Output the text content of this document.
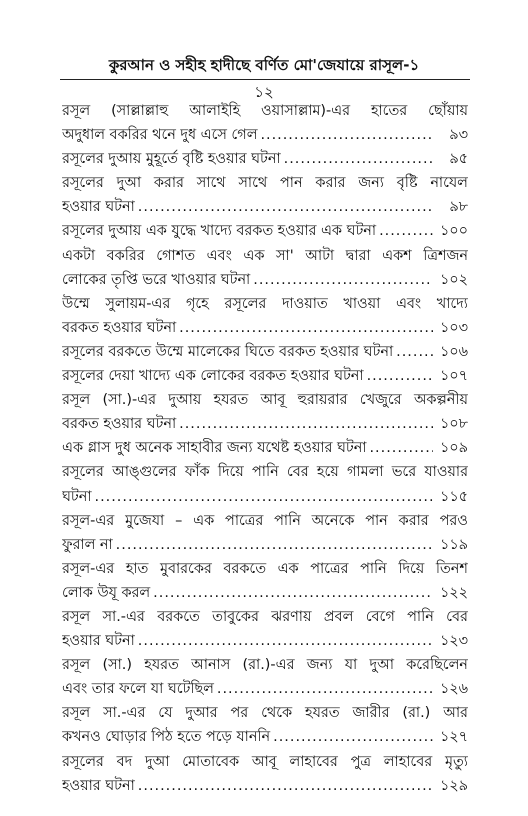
কুরআন ও সহীহ হাদীছে বর্ণিত মো'জেযায়ে রাসূল-১
১২
রসূল (সাল্লাল্লাহু আলাইহি ওয়াসাল্লাম)-এর হাতের ছোঁয়ায়
অদুধাল বকরির থনে দুধ এসে গেল .....	৯৩
রসূলের দুআয় মুহূর্তে বৃষ্টি হওয়ার ঘটনা .....	৯৫
রসূলের দুআ করার সাথে সাথে পান করার জন্য বৃষ্টি নাযেল
হওয়ার ঘটনা .....	৯৮
রসূলের দুআয় এক যুদ্ধে খাদ্যে বরকত হওয়ার এক ঘটনা .....	১০০
একটা বকরির গোশত এবং এক সা' আটা দ্বারা একশ ত্রিশজন
লোকের তৃপ্তি ভরে খাওয়ার ঘটনা .....	১০২
উম্মে সুলায়ম-এর গৃহে রসূলের দাওয়াত খাওয়া এবং খাদ্যে
বরকত হওয়ার ঘটনা .....	১০৩
রসূলের বরকতে উম্মে মালেকের ঘিতে বরকত হওয়ার ঘটনা .....	১০৬
রসূলের দেয়া খাদ্যে এক লোকের বরকত হওয়ার ঘটনা .....	১০৭
রসূল (সা.)-এর দুআয় হযরত আবূ হুরায়রার খেজুরে অকল্পনীয়
বরকত হওয়ার ঘটনা .....	১০৮
এক গ্লাস দুধ অনেক সাহাবীর জন্য যথেষ্ট হওয়ার ঘটনা .....	১০৯
রসূলের আঙ্গুলের ফাঁক দিয়ে পানি বের হয়ে গামলা ভরে যাওয়ার
ঘটনা .....	১১৫
রসূল-এর মুজেযা – এক পাত্রের পানি অনেকে পান করার পরও
ফুরাল না .....	১১৯
রসূল-এর হাত মুবারকের বরকতে এক পাত্রের পানি দিয়ে তিনশ
লোক উযূ করল .....	১২২
রসূল সা.-এর বরকতে তাবুকের ঝরণায় প্রবল বেগে পানি বের
হওয়ার ঘটনা .....	১২৩
রসূল (সা.) হযরত আনাস (রা.)-এর জন্য যা দুআ করেছিলেন
এবং তার ফলে যা ঘটেছিল .....	১২৬
রসূল সা.-এর যে দুআর পর থেকে হযরত জারীর (রা.) আর
কখনও ঘোড়ার পিঠ হতে পড়ে যাননি .....	১২৭
রসূলের বদ দুআ মোতাবেক আবূ লাহাবের পুত্র লাহাবের মৃত্যু
হওয়ার ঘটনা .....	১২৯
